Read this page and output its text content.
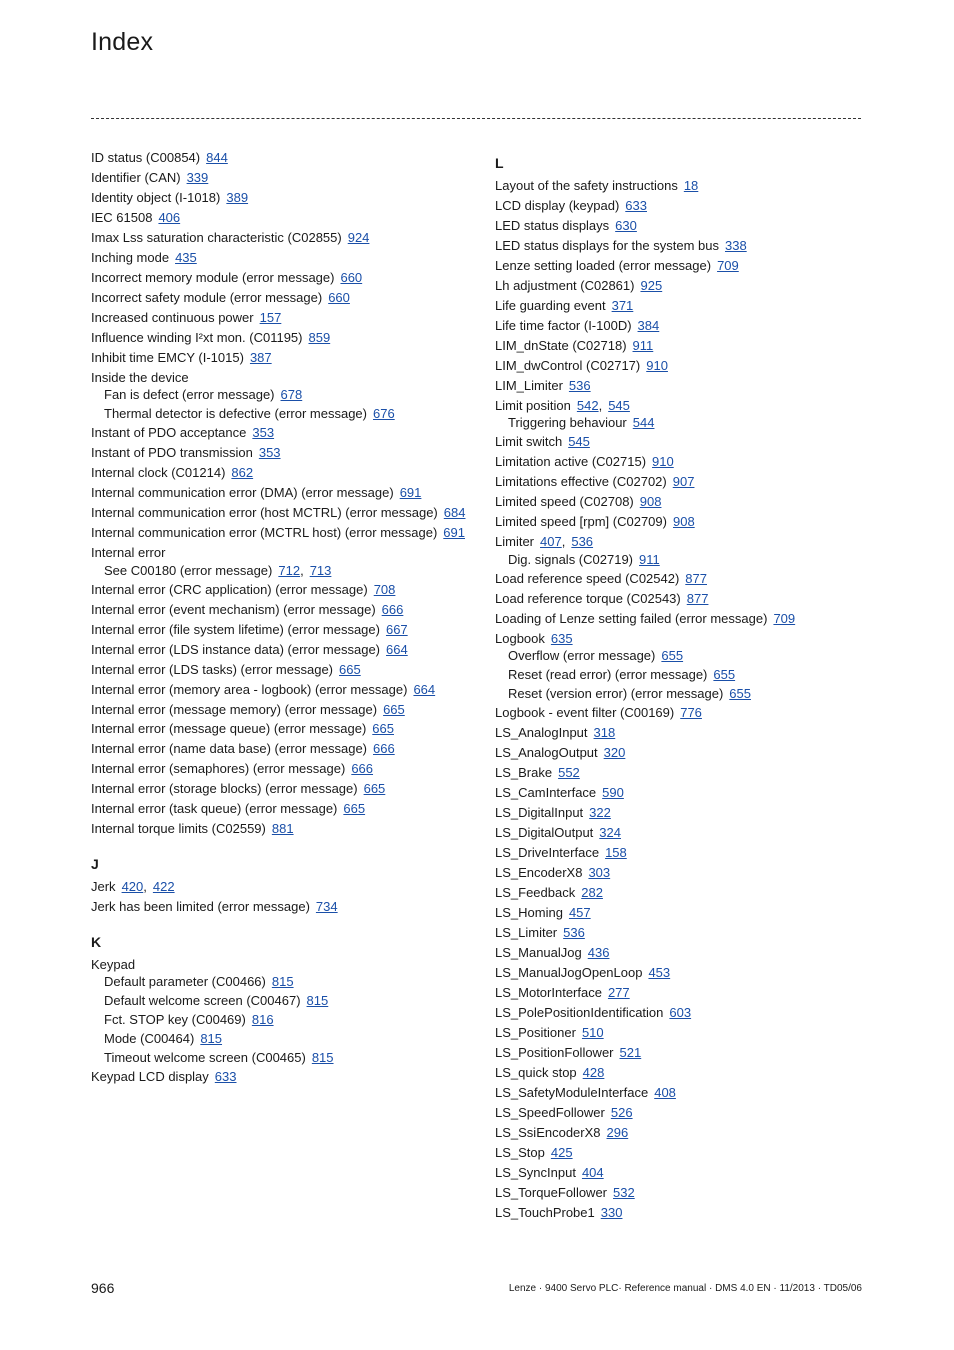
Index
ID status (C00854) 844
Identifier (CAN) 339
Identity object (I-1018) 389
IEC 61508 406
Imax Lss saturation characteristic (C02855) 924
Inching mode 435
Incorrect memory module (error message) 660
Incorrect safety module (error message) 660
Increased continuous power 157
Influence winding I²xt mon. (C01195) 859
Inhibit time EMCY (I-1015) 387
Inside the device
Fan is defect (error message) 678
Thermal detector is defective (error message) 676
Instant of PDO acceptance 353
Instant of PDO transmission 353
Internal clock (C01214) 862
Internal communication error (DMA) (error message) 691
Internal communication error (host MCTRL) (error message) 684
Internal communication error (MCTRL host) (error message) 691
Internal error
See C00180 (error message) 712, 713
Internal error (CRC application) (error message) 708
Internal error (event mechanism) (error message) 666
Internal error (file system lifetime) (error message) 667
Internal error (LDS instance data) (error message) 664
Internal error (LDS tasks) (error message) 665
Internal error (memory area - logbook) (error message) 664
Internal error (message memory) (error message) 665
Internal error (message queue) (error message) 665
Internal error (name data base) (error message) 666
Internal error (semaphores) (error message) 666
Internal error (storage blocks) (error message) 665
Internal error (task queue) (error message) 665
Internal torque limits (C02559) 881
J
Jerk 420, 422
Jerk has been limited (error message) 734
K
Keypad
Default parameter (C00466) 815
Default welcome screen (C00467) 815
Fct. STOP key (C00469) 816
Mode (C00464) 815
Timeout welcome screen (C00465) 815
Keypad LCD display 633
L
Layout of the safety instructions 18
LCD display (keypad) 633
LED status displays 630
LED status displays for the system bus 338
Lenze setting loaded (error message) 709
Lh adjustment (C02861) 925
Life guarding event 371
Life time factor (I-100D) 384
LIM_dnState (C02718) 911
LIM_dwControl (C02717) 910
LIM_Limiter 536
Limit position 542, 545
Triggering behaviour 544
Limit switch 545
Limitation active (C02715) 910
Limitations effective (C02702) 907
Limited speed (C02708) 908
Limited speed [rpm] (C02709) 908
Limiter 407, 536
Dig. signals (C02719) 911
Load reference speed (C02542) 877
Load reference torque (C02543) 877
Loading of Lenze setting failed (error message) 709
Logbook 635
Overflow (error message) 655
Reset (read error) (error message) 655
Reset (version error) (error message) 655
Logbook - event filter (C00169) 776
LS_AnalogInput 318
LS_AnalogOutput 320
LS_Brake 552
LS_CamInterface 590
LS_DigitalInput 322
LS_DigitalOutput 324
LS_DriveInterface 158
LS_EncoderX8 303
LS_Feedback 282
LS_Homing 457
LS_Limiter 536
LS_ManualJog 436
LS_ManualJogOpenLoop 453
LS_MotorInterface 277
LS_PolePositionIdentification 603
LS_Positioner 510
LS_PositionFollower 521
LS_quick stop 428
LS_SafetyModuleInterface 408
LS_SpeedFollower 526
LS_SsiEncoderX8 296
LS_Stop 425
LS_SyncInput 404
LS_TorqueFollower 532
LS_TouchProbe1 330
966	Lenze · 9400 Servo PLC· Reference manual · DMS 4.0 EN · 11/2013 · TD05/06
